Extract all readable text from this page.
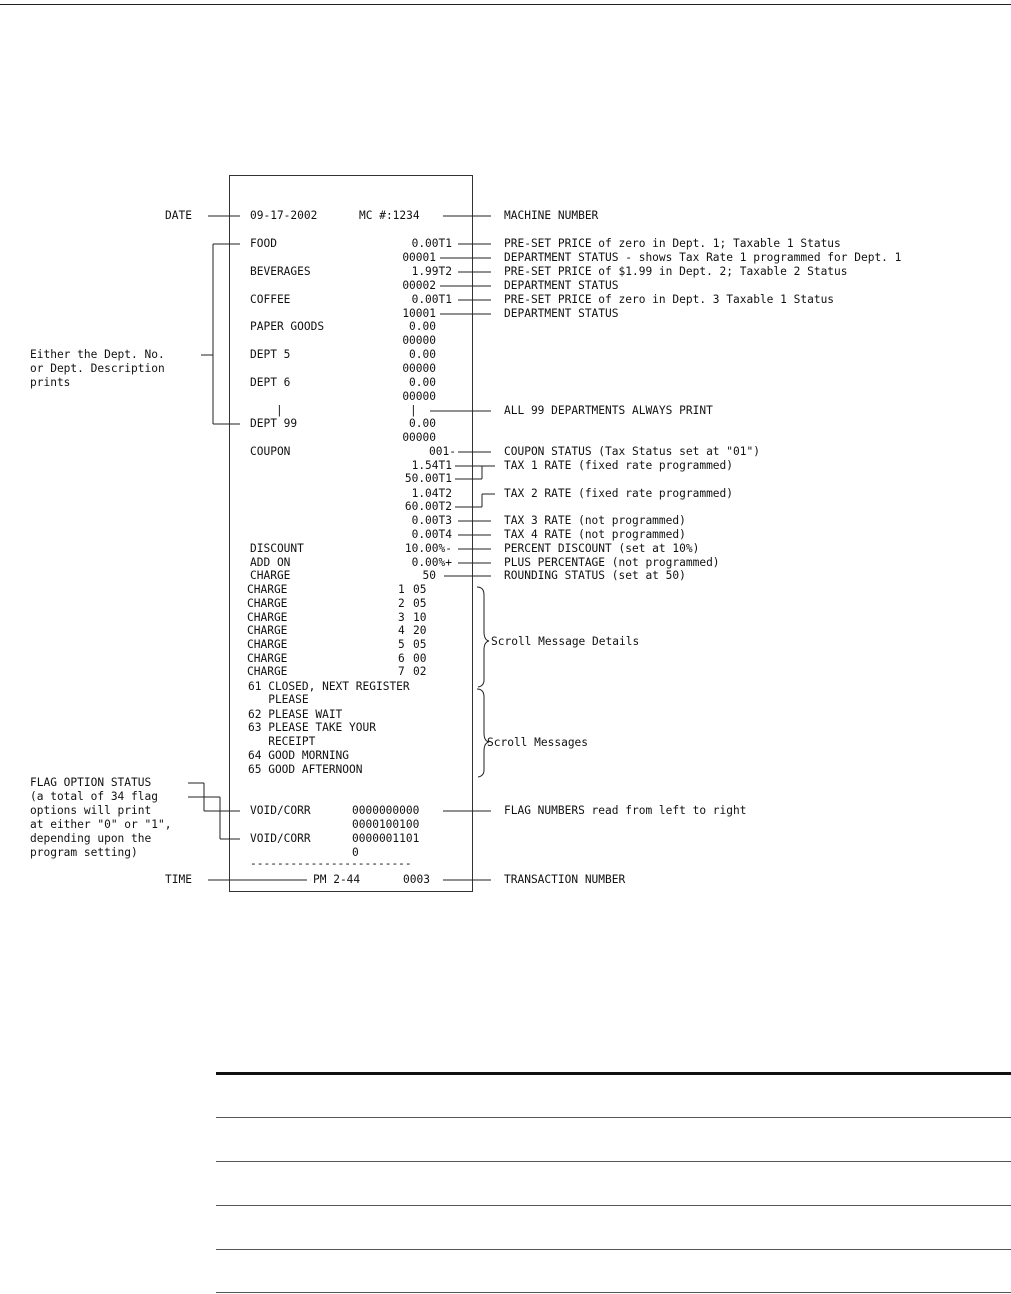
DATE
Either the Dept. No.
or Dept. Description
prints
FLAG OPTION STATUS
(a total of 34 flag
options will print
at either "0" or "1",
depending upon the
program setting)
TIME
09-17-2002	MC #:1234
FOOD	0.00T1
00001
BEVERAGES	1.99T2
00002
COFFEE	0.00T1
10001
PAPER GOODS	0.00
00000
DEPT 5	0.00
00000
DEPT 6	0.00
00000
|	|
DEPT 99	0.00
00000
COUPON	001-
1.54T1
50.00T1
1.04T2
60.00T2
0.00T3
0.00T4
DISCOUNT	10.00%-
ADD ON	0.00%+
CHARGE	50
CHARGE	1 05
CHARGE	2 05
CHARGE	3 10
CHARGE	4 20
CHARGE	5 05
CHARGE	6 00
CHARGE	7 02
61 CLOSED, NEXT REGISTER
PLEASE
62 PLEASE WAIT
63 PLEASE TAKE YOUR
RECEIPT
64 GOOD MORNING
65 GOOD AFTERNOON
VOID/CORR	0000000000
0000100100
VOID/CORR	0000001101
0
------------------------
PM 2-44	0003
MACHINE NUMBER
PRE-SET PRICE of zero in Dept. 1; Taxable 1 Status
DEPARTMENT STATUS - shows Tax Rate 1 programmed for Dept. 1
PRE-SET PRICE of $1.99 in Dept. 2; Taxable 2 Status
DEPARTMENT STATUS
PRE-SET PRICE of zero in Dept. 3 Taxable 1 Status
DEPARTMENT STATUS
ALL 99 DEPARTMENTS ALWAYS PRINT
COUPON STATUS (Tax Status set at "01")
TAX 1 RATE (fixed rate programmed)
TAX 2 RATE (fixed rate programmed)
TAX 3 RATE (not programmed)
TAX 4 RATE (not programmed)
PERCENT DISCOUNT (set at 10%)
PLUS PERCENTAGE (not programmed)
ROUNDING STATUS (set at 50)
Scroll Message Details
Scroll Messages
FLAG NUMBERS read from left to right
TRANSACTION NUMBER
